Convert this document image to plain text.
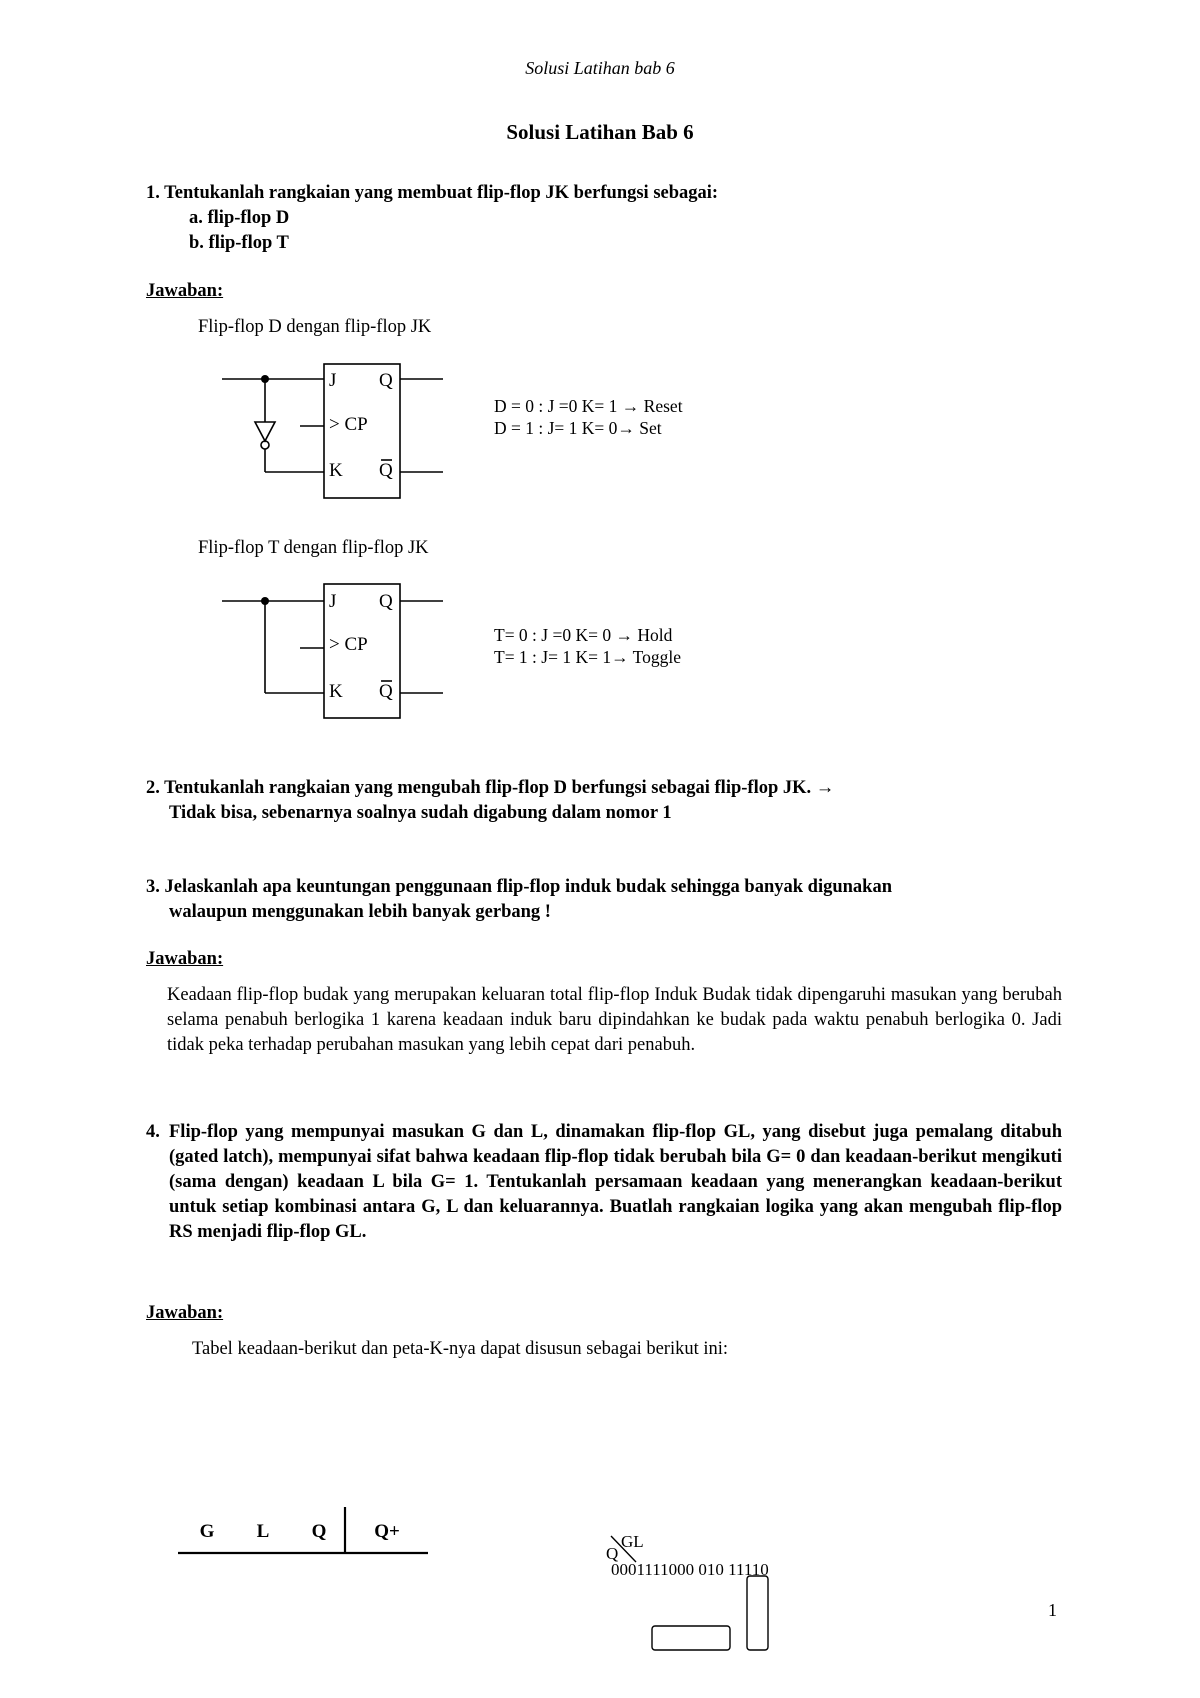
Solusi Latihan bab 6
Solusi Latihan Bab 6
1. Tentukanlah rangkaian yang membuat flip-flop JK berfungsi sebagai:
a. flip-flop D
b. flip-flop T
Jawaban:
Flip-flop D dengan flip-flop JK
J Q
> CP
K Q
D = 0 : J =0 K= 1 → Reset
D = 1 : J= 1 K= 0→ Set
Flip-flop T dengan flip-flop JK
J Q
> CP
K Q
T= 0 : J =0 K= 0 → Hold
T= 1 : J= 1 K= 1→ Toggle
2. Tentukanlah rangkaian yang mengubah flip-flop D berfungsi sebagai flip-flop JK. →
Tidak bisa, sebenarnya soalnya sudah digabung dalam nomor 1
3. Jelaskanlah apa keuntungan penggunaan flip-flop induk budak sehingga banyak digunakan
walaupun menggunakan lebih banyak gerbang !
Jawaban:
Keadaan flip-flop budak yang merupakan keluaran total flip-flop Induk Budak tidak dipengaruhi masukan yang berubah selama penabuh berlogika 1 karena keadaan induk baru dipindahkan ke budak pada waktu penabuh berlogika 0. Jadi tidak peka terhadap perubahan masukan yang lebih cepat dari penabuh.
4. Flip-flop yang mempunyai masukan G dan L, dinamakan flip-flop GL, yang disebut juga pemalang ditabuh (gated latch), mempunyai sifat bahwa keadaan flip-flop tidak berubah bila G= 0 dan keadaan-berikut mengikuti (sama dengan) keadaan L bila G= 1. Tentukanlah persamaan keadaan yang menerangkan keadaan-berikut untuk setiap kombinasi antara G, L dan keluarannya. Buatlah rangkaian logika yang akan mengubah flip-flop RS menjadi flip-flop GL.
Jawaban:
Tabel keadaan-berikut dan peta-K-nya dapat disusun sebagai berikut ini:
G L Q	Q+	GL
Q
0001111000 010 11110
1
